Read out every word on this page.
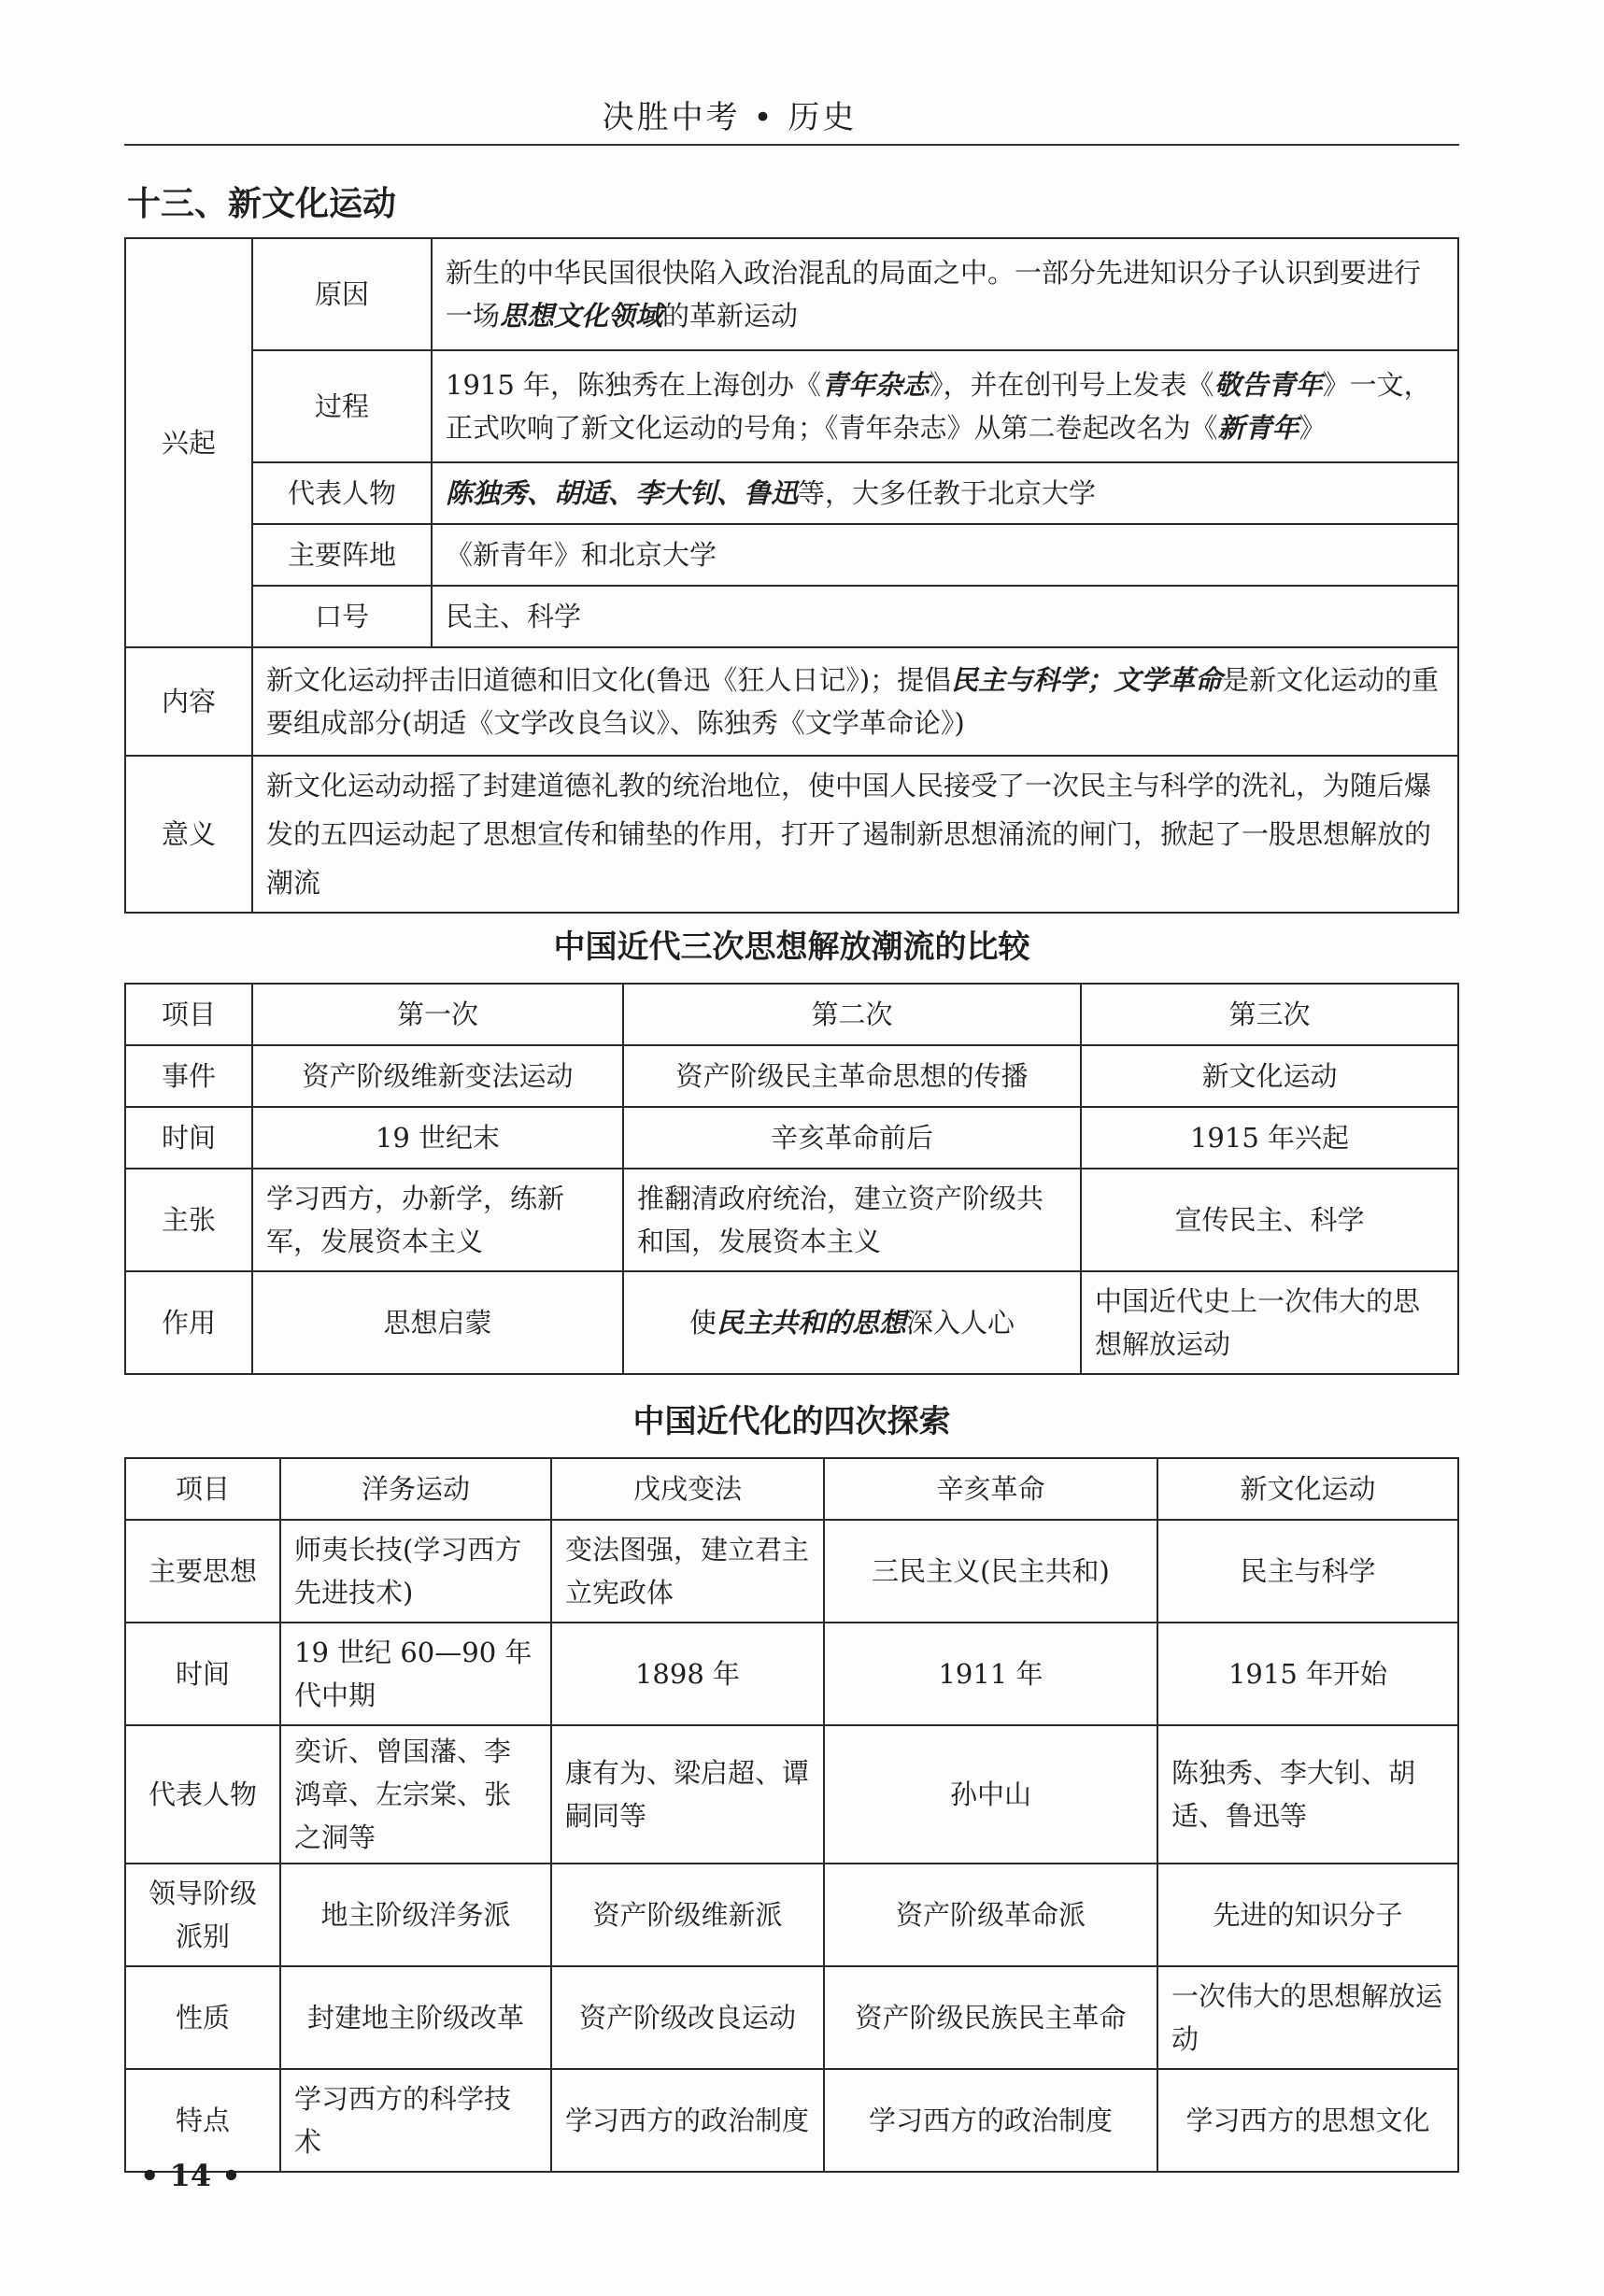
决胜中考 • 历史
十三、新文化运动
兴起	原因	新生的中华民国很快陷入政治混乱的局面之中。一部分先进知识分子认识到要进行一场思想文化领域的革新运动
	过程	1915 年，陈独秀在上海创办《青年杂志》，并在创刊号上发表《敬告青年》一文，正式吹响了新文化运动的号角；《青年杂志》从第二卷起改名为《新青年》
	代表人物	陈独秀、胡适、李大钊、鲁迅等，大多任教于北京大学
	主要阵地	《新青年》和北京大学
	口号	民主、科学
内容	新文化运动抨击旧道德和旧文化(鲁迅《狂人日记》)；提倡民主与科学；文学革命是新文化运动的重要组成部分(胡适《文学改良刍议》、陈独秀《文学革命论》)	
意义	新文化运动动摇了封建道德礼教的统治地位，使中国人民接受了一次民主与科学的洗礼，为随后爆发的五四运动起了思想宣传和铺垫的作用，打开了遏制新思想涌流的闸门，掀起了一股思想解放的潮流	
中国近代三次思想解放潮流的比较
项目	第一次	第二次	第三次
事件	资产阶级维新变法运动	资产阶级民主革命思想的传播	新文化运动
时间	19 世纪末	辛亥革命前后	1915 年兴起
主张	学习西方，办新学，练新军，发展资本主义	推翻清政府统治，建立资产阶级共和国，发展资本主义	宣传民主、科学
作用	思想启蒙	使民主共和的思想深入人心	中国近代史上一次伟大的思想解放运动
中国近代化的四次探索
项目	洋务运动	戊戌变法	辛亥革命	新文化运动
主要思想	师夷长技(学习西方先进技术)	变法图强，建立君主立宪政体	三民主义(民主共和)	民主与科学
时间	19 世纪 60—90 年代中期	1898 年	1911 年	1915 年开始
代表人物	奕䜣、曾国藩、李鸿章、左宗棠、张之洞等	康有为、梁启超、谭嗣同等	孙中山	陈独秀、李大钊、胡适、鲁迅等
领导阶级派别	地主阶级洋务派	资产阶级维新派	资产阶级革命派	先进的知识分子
性质	封建地主阶级改革	资产阶级改良运动	资产阶级民族民主革命	一次伟大的思想解放运动
特点	学习西方的科学技术	学习西方的政治制度	学习西方的政治制度	学习西方的思想文化
• 14 •
